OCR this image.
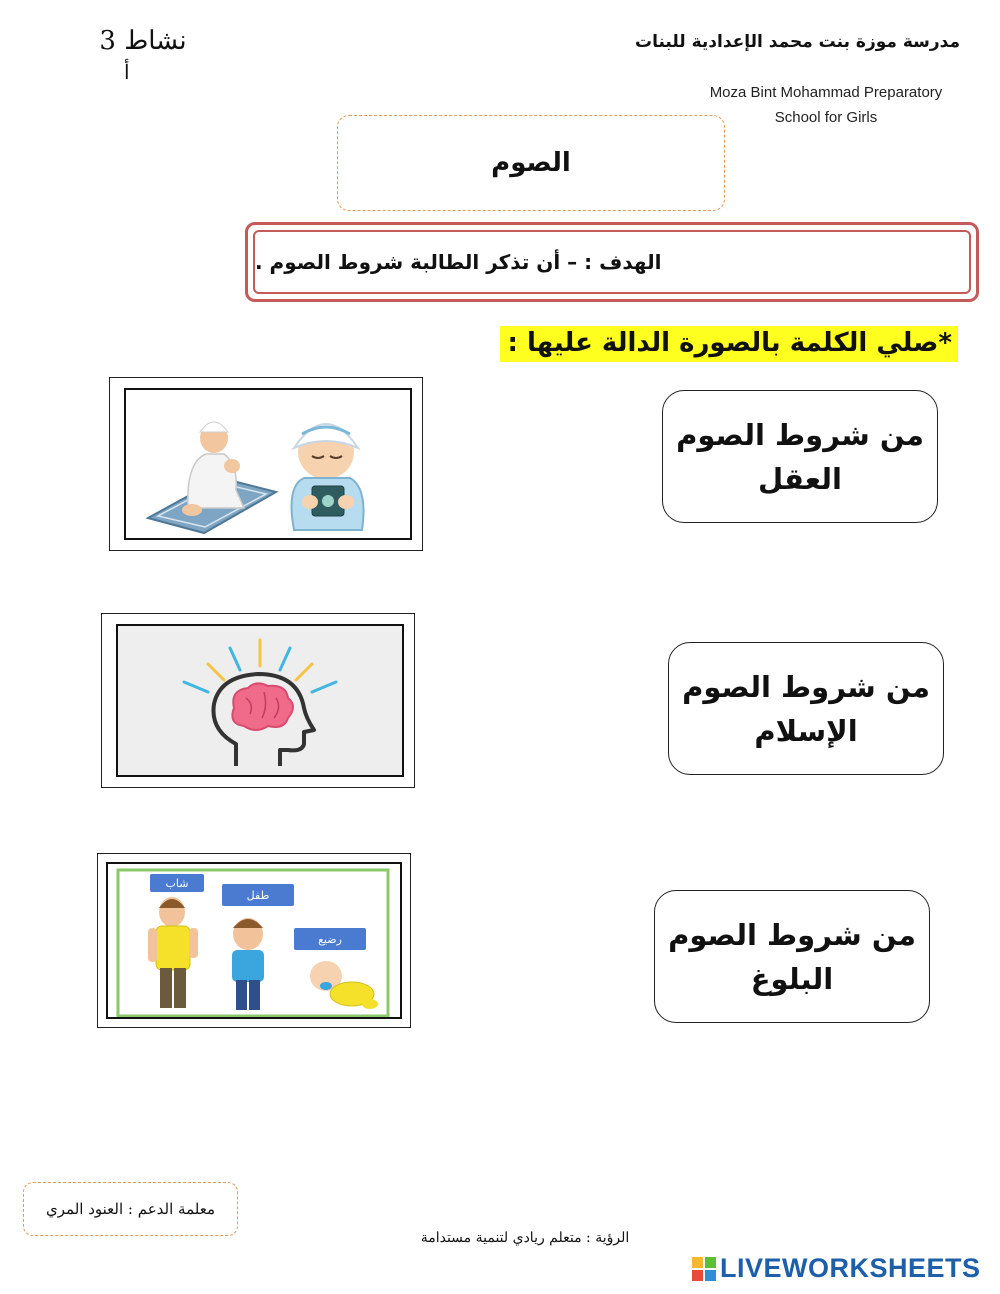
نشاط 3
أ
مدرسة موزة بنت محمد الإعدادية للبنات
Moza Bint Mohammad Preparatory
School for Girls
الصوم
الهدف : – أن تذكر الطالبة شروط الصوم .
*صلي الكلمة بالصورة الدالة عليها :
شاب
طفل
رضيع
من شروط الصوم
العقل
من شروط الصوم
الإسلام
من شروط الصوم
البلوغ
معلمة الدعم : العنود المري
الرؤية : متعلم ريادي لتنمية مستدامة
LIVEWORKSHEETS
